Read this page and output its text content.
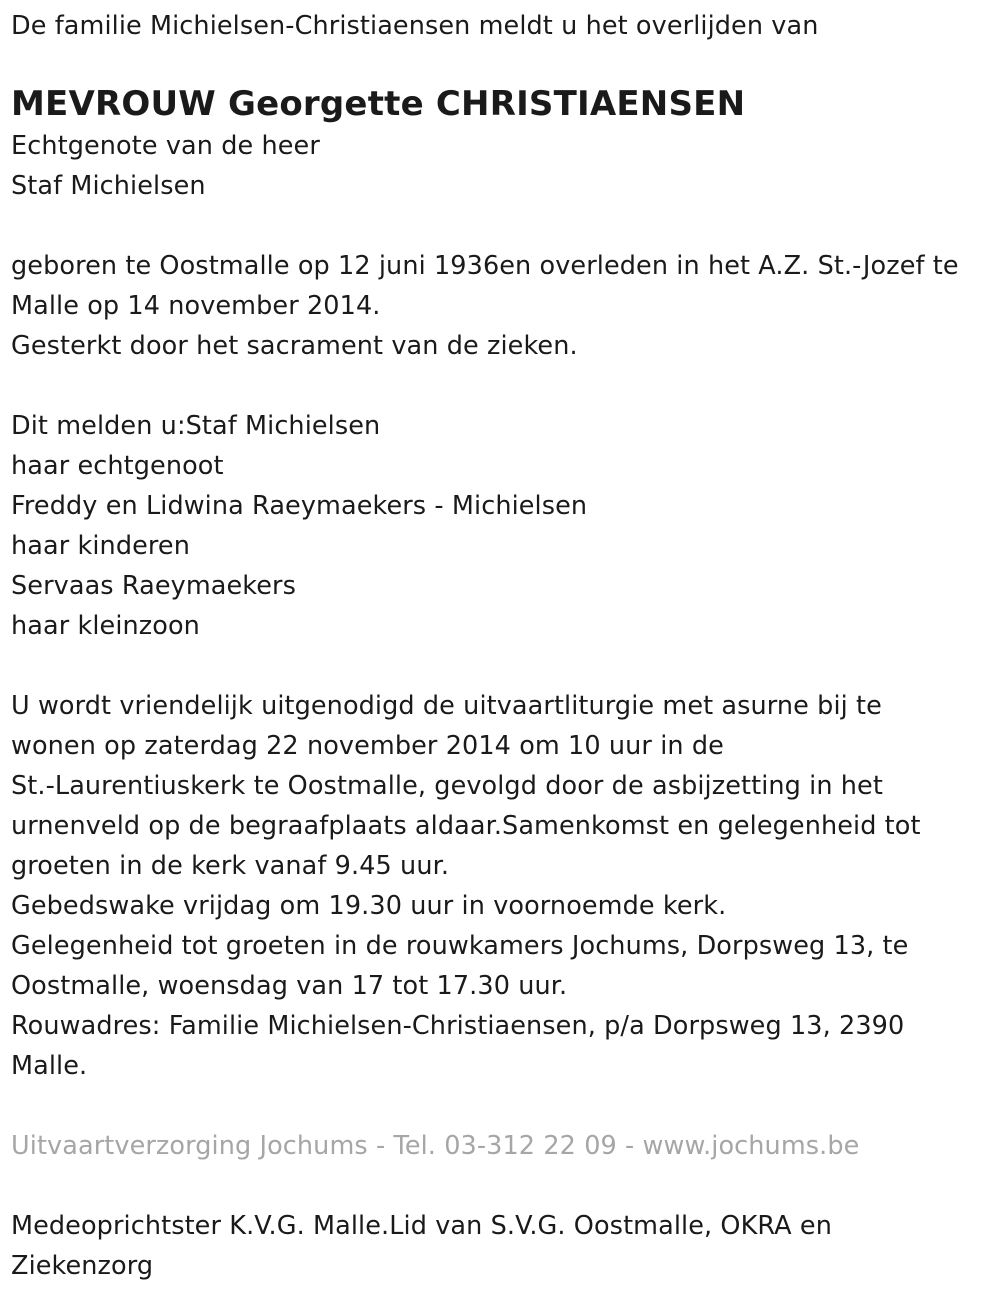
De familie Michielsen-Christiaensen meldt u het overlijden van
MEVROUW Georgette CHRISTIAENSEN
Echtgenote van de heer
Staf Michielsen
geboren te Oostmalle op 12 juni 1936en overleden in het A.Z. St.-Jozef te
Malle op 14 november 2014.
Gesterkt door het sacrament van de zieken.
Dit melden u:Staf Michielsen
haar echtgenoot
Freddy en Lidwina Raeymaekers - Michielsen
haar kinderen
Servaas Raeymaekers
haar kleinzoon
U wordt vriendelijk uitgenodigd de uitvaartliturgie met asurne bij te
wonen op zaterdag 22 november 2014 om 10 uur in de
St.-Laurentiuskerk te Oostmalle, gevolgd door de asbijzetting in het
urnenveld op de begraafplaats aldaar.Samenkomst en gelegenheid tot
groeten in de kerk vanaf 9.45 uur.
Gebedswake vrijdag om 19.30 uur in voornoemde kerk.
Gelegenheid tot groeten in de rouwkamers Jochums, Dorpsweg 13, te
Oostmalle, woensdag van 17 tot 17.30 uur.
Rouwadres: Familie Michielsen-Christiaensen, p/a Dorpsweg 13, 2390
Malle.
Uitvaartverzorging Jochums - Tel. 03-312 22 09 - www.jochums.be
Medeoprichtster K.V.G. Malle.Lid van S.V.G. Oostmalle, OKRA en
Ziekenzorg
